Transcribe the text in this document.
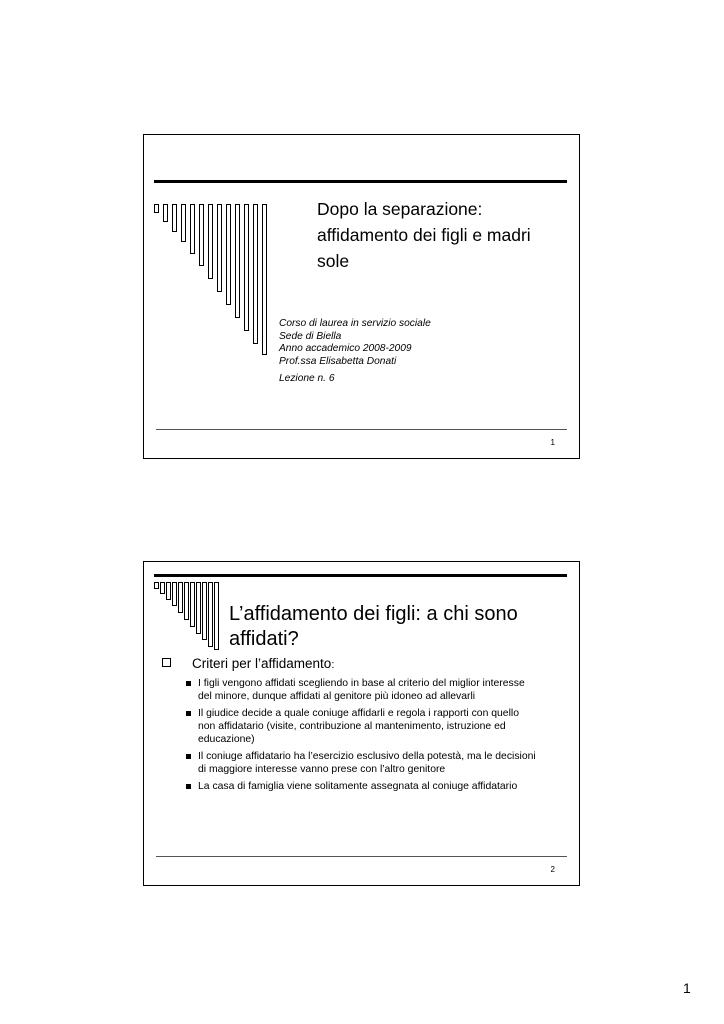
Dopo la separazione: affidamento dei figli e madri sole
Corso di laurea in servizio sociale
Sede di Biella
Anno accademico 2008-2009
Prof.ssa Elisabetta Donati
Lezione n. 6
1
L’affidamento dei figli: a chi sono affidati?
Criteri per l’affidamento:
I figli vengono affidati scegliendo in base al criterio del miglior interesse del minore, dunque affidati al genitore più idoneo ad allevarli
Il giudice decide a quale coniuge affidarli e regola i rapporti con quello non affidatario (visite, contribuzione al mantenimento, istruzione ed educazione)
Il coniuge affidatario ha l’esercizio esclusivo della potestà, ma le decisioni di maggiore interesse vanno prese con l’altro genitore
La casa di famiglia viene solitamente assegnata al coniuge affidatario
2
1
